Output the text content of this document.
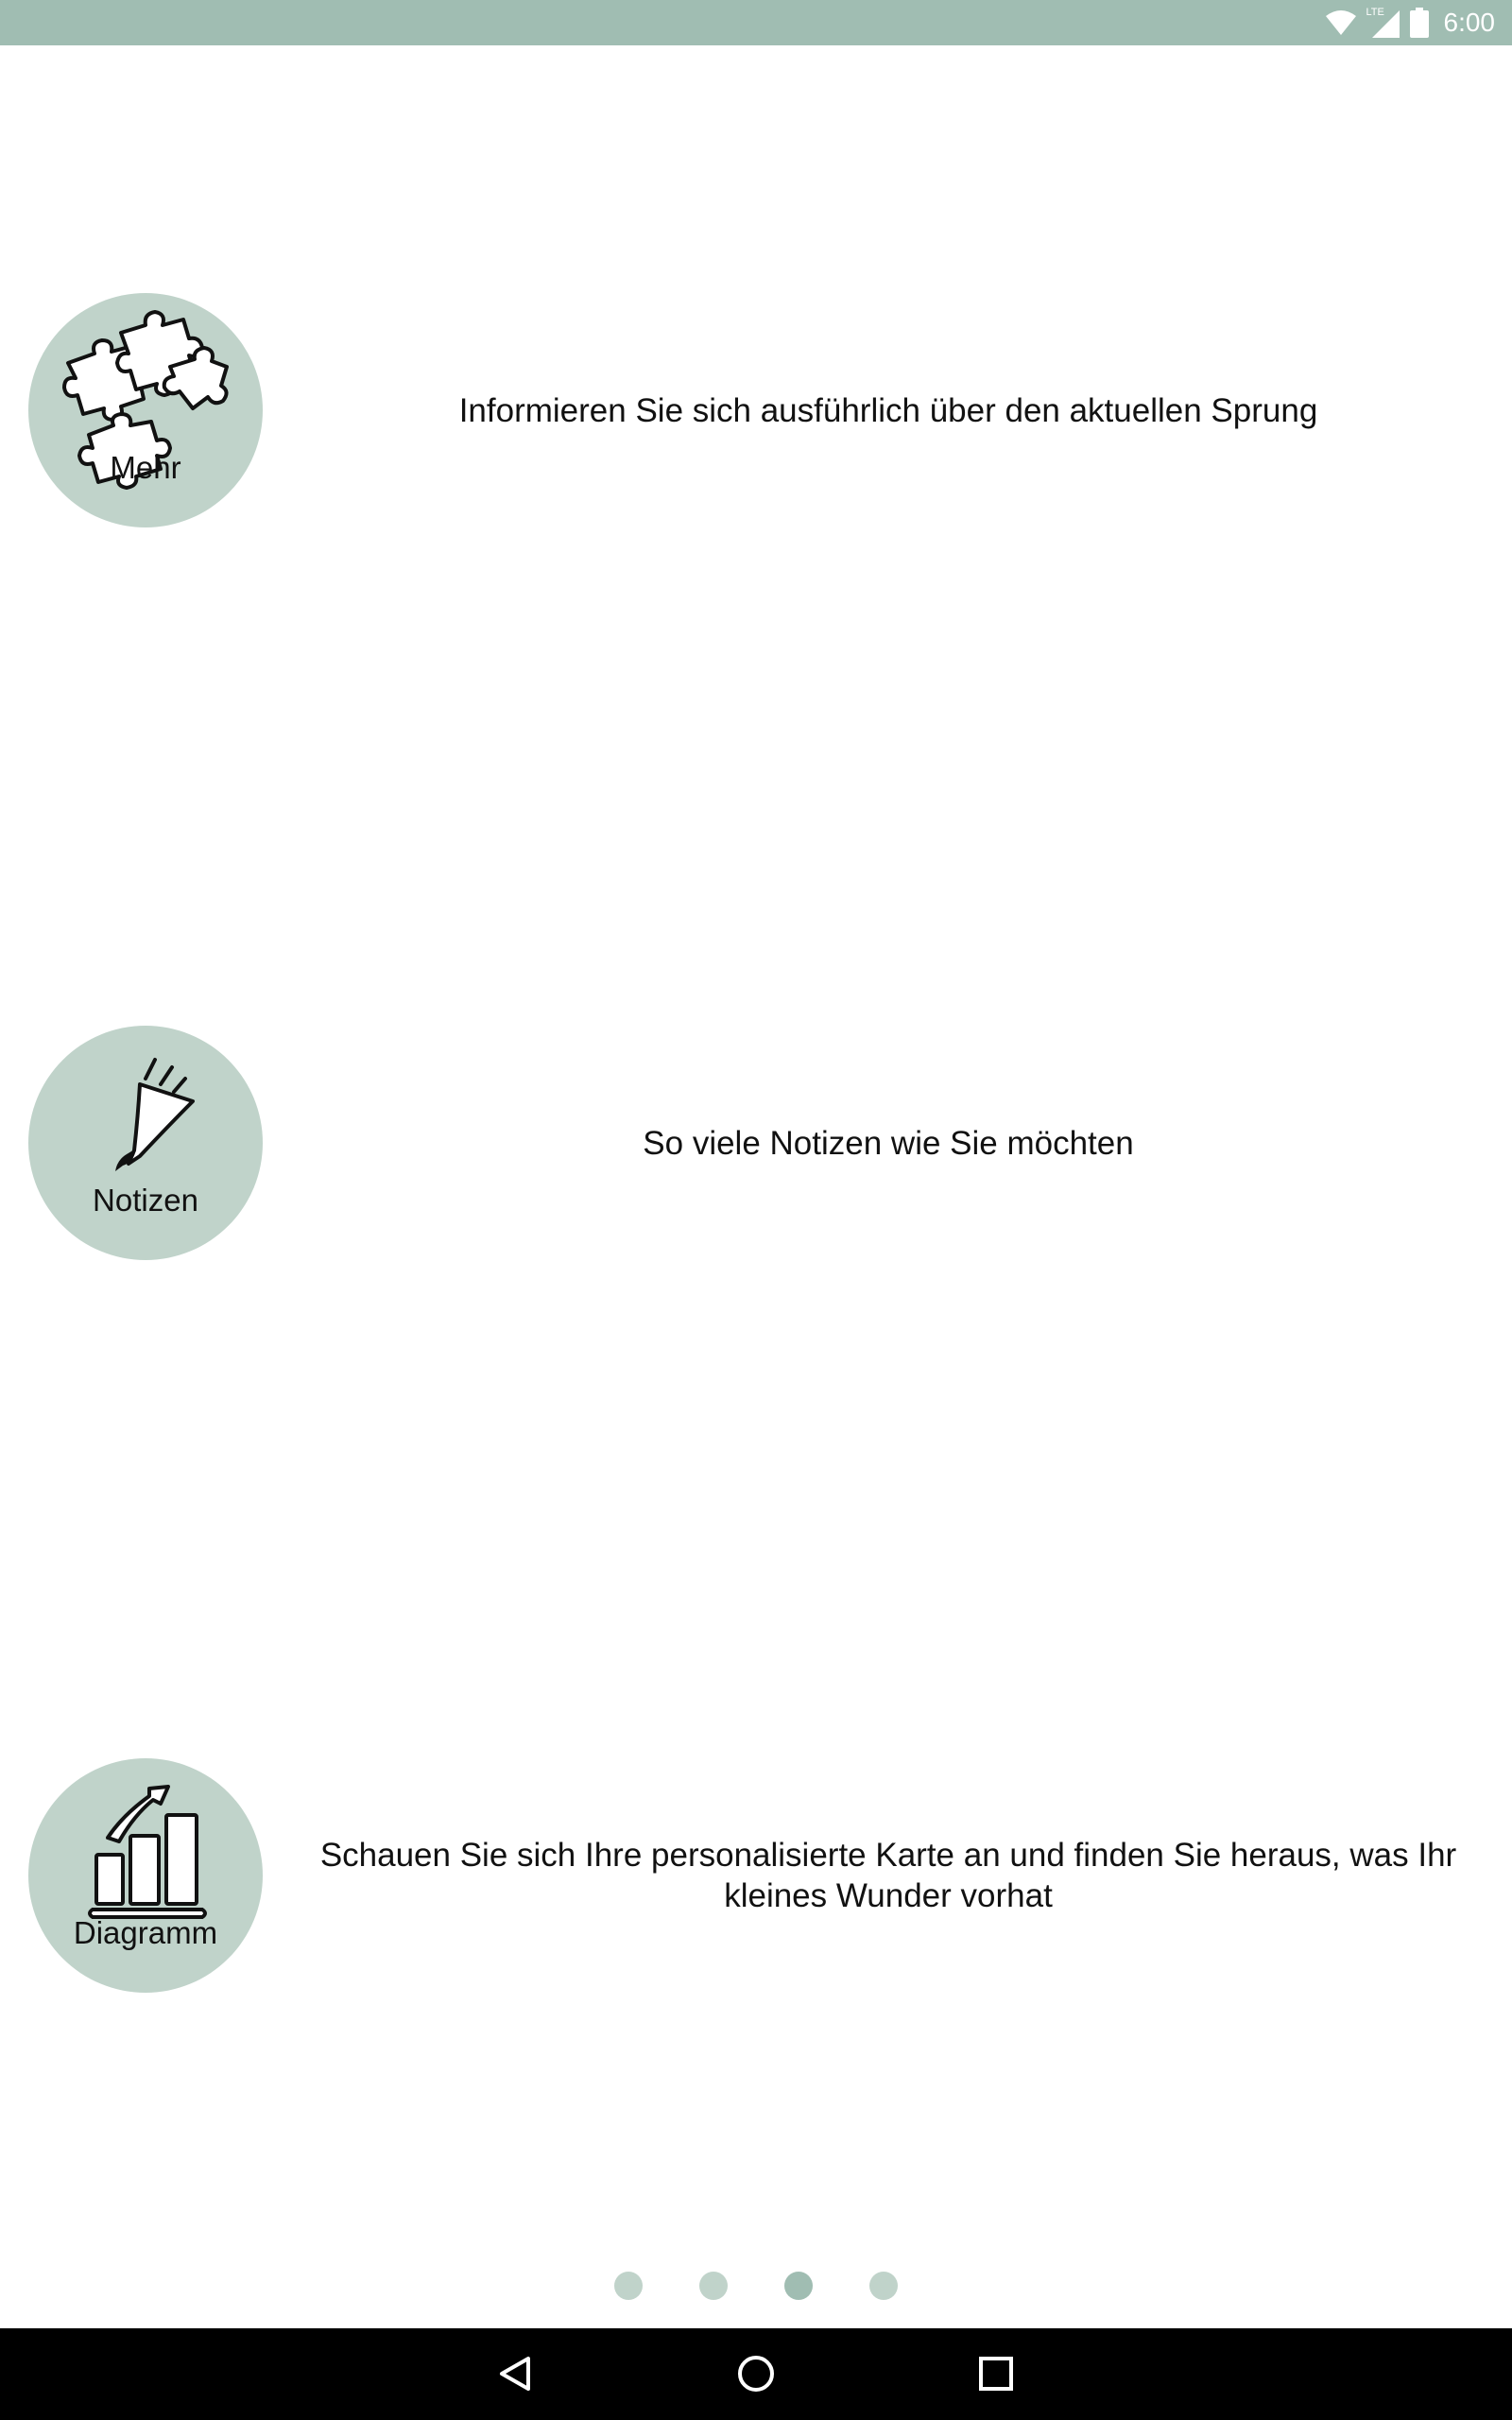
LTE 6:00
Mehr
Informieren Sie sich ausführlich über den aktuellen Sprung
Notizen
So viele Notizen wie Sie möchten
Diagramm
Schauen Sie sich Ihre personalisierte Karte an und finden Sie heraus, was Ihr kleines Wunder vorhat
